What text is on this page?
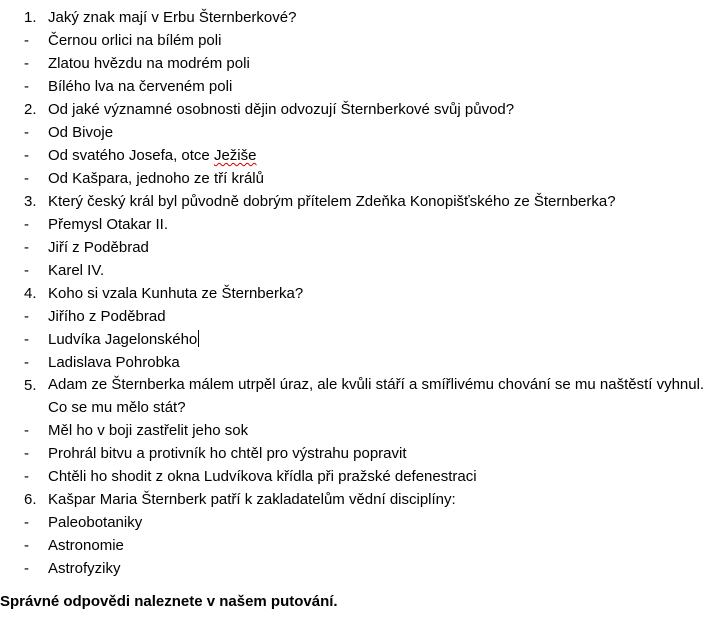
1. Jaký znak mají v Erbu Šternberkové?
- Černou orlici na bílém poli
- Zlatou hvězdu na modrém poli
- Bílého lva na červeném poli
2. Od jaké významné osobnosti dějin odvozují Šternberkové svůj původ?
- Od Bivoje
- Od svatého Josefa, otce Ježiše
- Od Kašpara, jednoho ze tří králů
3. Který český král byl původně dobrým přítelem Zdeňka Konopišťského ze Šternberka?
- Přemysl Otakar II.
- Jiří z Poděbrad
- Karel IV.
4. Koho si vzala Kunhuta ze Šternberka?
- Jiřího z Poděbrad
- Ludvíka Jagelonského
- Ladislava Pohrobka
5. Adam ze Šternberka málem utrpěl úraz, ale kvůli stáří a smířlivému chování se mu naštěstí vyhnul. Co se mu mělo stát?
- Měl ho v boji zastřelit jeho sok
- Prohrál bitvu a protivník ho chtěl pro výstrahu popravit
- Chtěli ho shodit z okna Ludvíkova křídla při pražské defenestraci
6. Kašpar Maria Šternberk patří k zakladatelům vědní disciplíny:
- Paleobotaniky
- Astronomie
- Astrofyziky
Správné odpovědi naleznete v našem putování.
